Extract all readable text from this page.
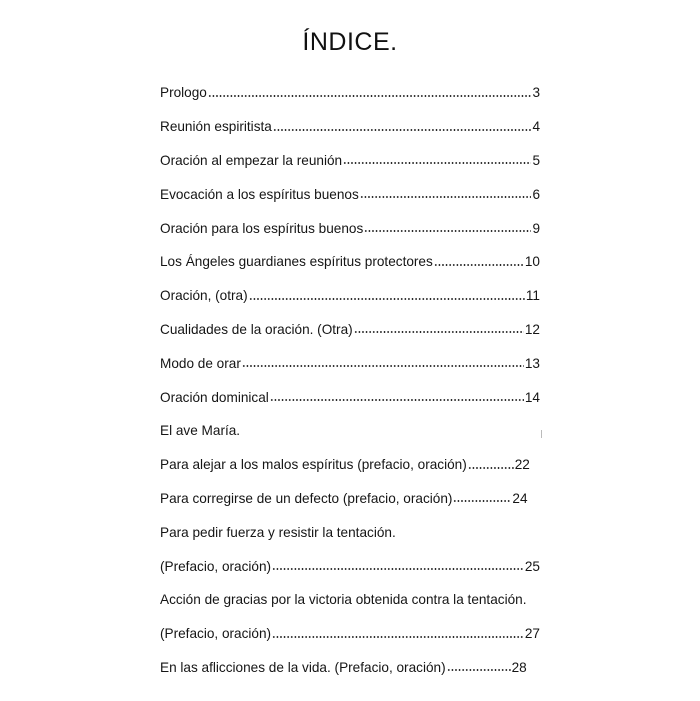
ÍNDICE.
Prologo	3
Reunión espiritista	4
Oración al empezar la reunión	5
Evocación a los espíritus buenos	6
Oración para los espíritus buenos	9
Los Ángeles guardianes espíritus protectores	10
Oración, (otra)	11
Cualidades de la oración. (Otra)	12
Modo de orar	13
Oración dominical	14
El ave María.
Para alejar a los malos espíritus (prefacio, oración)	22
Para corregirse de un defecto (prefacio, oración)	24
Para pedir fuerza y resistir la tentación.
(Prefacio, oración)	25
Acción de gracias por la victoria obtenida contra la tentación.
(Prefacio, oración)	27
En las aflicciones de la vida. (Prefacio, oración)	28
